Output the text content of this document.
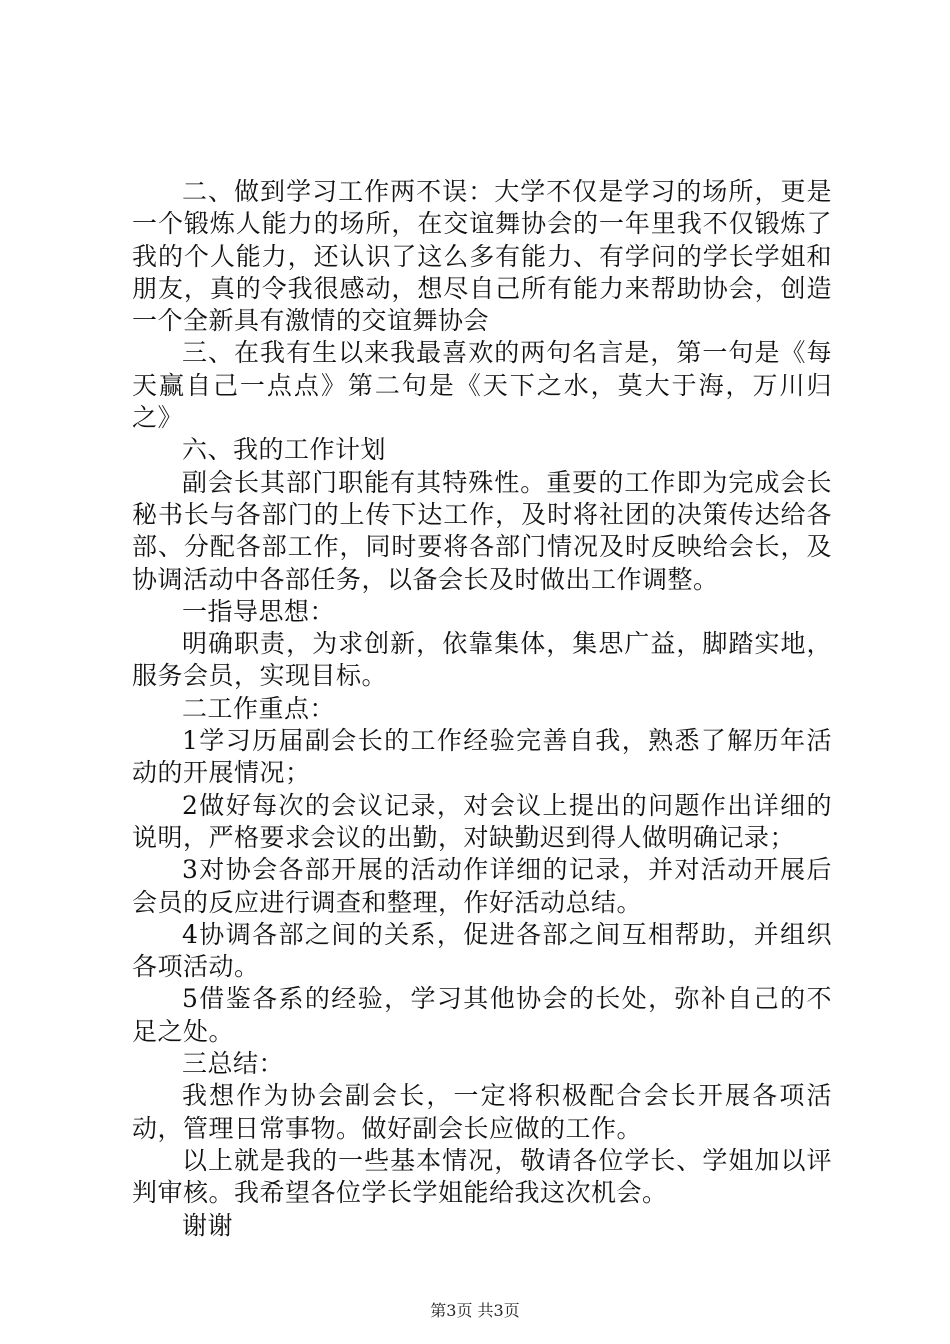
二、做到学习工作两不误：大学不仅是学习的场所，更是一个锻炼人能力的场所，在交谊舞协会的一年里我不仅锻炼了我的个人能力，还认识了这么多有能力、有学问的学长学姐和朋友，真的令我很感动，想尽自己所有能力来帮助协会，创造一个全新具有激情的交谊舞协会

三、在我有生以来我最喜欢的两句名言是，第一句是《每天赢自己一点点》第二句是《天下之水，莫大于海，万川归之》

六、我的工作计划

副会长其部门职能有其特殊性。重要的工作即为完成会长秘书长与各部门的上传下达工作，及时将社团的决策传达给各部、分配各部工作，同时要将各部门情况及时反映给会长，及协调活动中各部任务，以备会长及时做出工作调整。

一指导思想：

明确职责，为求创新，依靠集体，集思广益，脚踏实地，服务会员，实现目标。

二工作重点：

1学习历届副会长的工作经验完善自我，熟悉了解历年活动的开展情况；

2做好每次的会议记录，对会议上提出的问题作出详细的说明，严格要求会议的出勤，对缺勤迟到得人做明确记录；

3对协会各部开展的活动作详细的记录，并对活动开展后会员的反应进行调查和整理，作好活动总结。

4协调各部之间的关系，促进各部之间互相帮助，并组织各项活动。

5借鉴各系的经验，学习其他协会的长处，弥补自己的不足之处。

三总结：

我想作为协会副会长，一定将积极配合会长开展各项活动，管理日常事物。做好副会长应做的工作。

以上就是我的一些基本情况，敬请各位学长、学姐加以评判审核。我希望各位学长学姐能给我这次机会。

谢谢

第3页 共3页
